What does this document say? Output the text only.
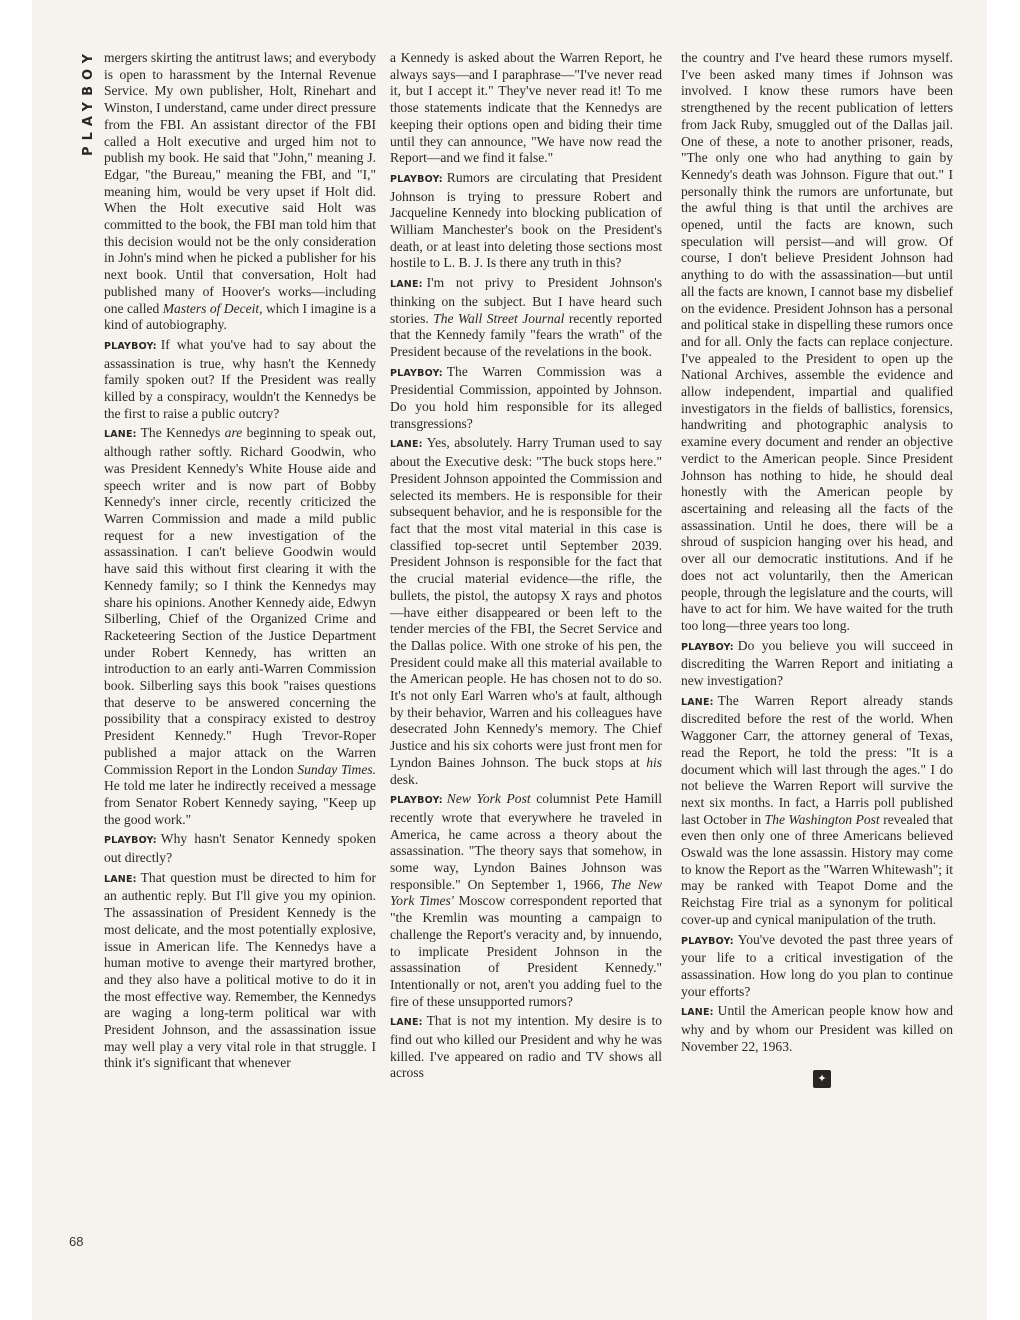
PLAYBOY
68

mergers skirting the antitrust laws; and everybody is open to harassment by the Internal Revenue Service. My own publisher, Holt, Rinehart and Winston, I understand, came under direct pressure from the FBI. An assistant director of the FBI called a Holt executive and urged him not to publish my book. He said that "John," meaning J. Edgar, "the Bureau," meaning the FBI, and "I," meaning him, would be very upset if Holt did. When the Holt executive said Holt was committed to the book, the FBI man told him that this decision would not be the only consideration in John's mind when he picked a publisher for his next book. Until that conversation, Holt had published many of Hoover's works—including one called Masters of Deceit, which I imagine is a kind of autobiography.

PLAYBOY: If what you've had to say about the assassination is true, why hasn't the Kennedy family spoken out? If the President was really killed by a conspiracy, wouldn't the Kennedys be the first to raise a public outcry?

LANE: The Kennedys are beginning to speak out, although rather softly. Richard Goodwin, who was President Kennedy's White House aide and speech writer and is now part of Bobby Kennedy's inner circle, recently criticized the Warren Commission and made a mild public request for a new investigation of the assassination. I can't believe Goodwin would have said this without first clearing it with the Kennedy family; so I think the Kennedys may share his opinions. Another Kennedy aide, Edwyn Silberling, Chief of the Organized Crime and Racketeering Section of the Justice Department under Robert Kennedy, has written an introduction to an early anti-Warren Commission book. Silberling says this book "raises questions that deserve to be answered concerning the possibility that a conspiracy existed to destroy President Kennedy." Hugh Trevor-Roper published a major attack on the Warren Commission Report in the London Sunday Times. He told me later he indirectly received a message from Senator Robert Kennedy saying, "Keep up the good work."

PLAYBOY: Why hasn't Senator Kennedy spoken out directly?

LANE: That question must be directed to him for an authentic reply. But I'll give you my opinion. The assassination of President Kennedy is the most delicate, and the most potentially explosive, issue in American life. The Kennedys have a human motive to avenge their martyred brother, and they also have a political motive to do it in the most effective way. Remember, the Kennedys are waging a long-term political war with President Johnson, and the assassination issue may well play a very vital role in that struggle. I think it's significant that whenever

a Kennedy is asked about the Warren Report, he always says—and I paraphrase—"I've never read it, but I accept it." They've never read it! To me those statements indicate that the Kennedys are keeping their options open and biding their time until they can announce, "We have now read the Report—and we find it false."

PLAYBOY: Rumors are circulating that President Johnson is trying to pressure Robert and Jacqueline Kennedy into blocking publication of William Manchester's book on the President's death, or at least into deleting those sections most hostile to L. B. J. Is there any truth in this?

LANE: I'm not privy to President Johnson's thinking on the subject. But I have heard such stories. The Wall Street Journal recently reported that the Kennedy family "fears the wrath" of the President because of the revelations in the book.

PLAYBOY: The Warren Commission was a Presidential Commission, appointed by Johnson. Do you hold him responsible for its alleged transgressions?

LANE: Yes, absolutely. Harry Truman used to say about the Executive desk: "The buck stops here." President Johnson appointed the Commission and selected its members. He is responsible for their subsequent behavior, and he is responsible for the fact that the most vital material in this case is classified top-secret until September 2039. President Johnson is responsible for the fact that the crucial material evidence—the rifle, the bullets, the pistol, the autopsy X rays and photos—have either disappeared or been left to the tender mercies of the FBI, the Secret Service and the Dallas police. With one stroke of his pen, the President could make all this material available to the American people. He has chosen not to do so. It's not only Earl Warren who's at fault, although by their behavior, Warren and his colleagues have desecrated John Kennedy's memory. The Chief Justice and his six cohorts were just front men for Lyndon Baines Johnson. The buck stops at his desk.

PLAYBOY: New York Post columnist Pete Hamill recently wrote that everywhere he traveled in America, he came across a theory about the assassination. "The theory says that somehow, in some way, Lyndon Baines Johnson was responsible." On September 1, 1966, The New York Times' Moscow correspondent reported that "the Kremlin was mounting a campaign to challenge the Report's veracity and, by innuendo, to implicate President Johnson in the assassination of President Kennedy." Intentionally or not, aren't you adding fuel to the fire of these unsupported rumors?

LANE: That is not my intention. My desire is to find out who killed our President and why he was killed. I've appeared on radio and TV shows all across

the country and I've heard these rumors myself. I've been asked many times if Johnson was involved. I know these rumors have been strengthened by the recent publication of letters from Jack Ruby, smuggled out of the Dallas jail. One of these, a note to another prisoner, reads, "The only one who had anything to gain by Kennedy's death was Johnson. Figure that out." I personally think the rumors are unfortunate, but the awful thing is that until the archives are opened, until the facts are known, such speculation will persist—and will grow. Of course, I don't believe President Johnson had anything to do with the assassination—but until all the facts are known, I cannot base my disbelief on the evidence. President Johnson has a personal and political stake in dispelling these rumors once and for all. Only the facts can replace conjecture. I've appealed to the President to open up the National Archives, assemble the evidence and allow independent, impartial and qualified investigators in the fields of ballistics, forensics, handwriting and photographic analysis to examine every document and render an objective verdict to the American people. Since President Johnson has nothing to hide, he should deal honestly with the American people by ascertaining and releasing all the facts of the assassination. Until he does, there will be a shroud of suspicion hanging over his head, and over all our democratic institutions. And if he does not act voluntarily, then the American people, through the legislature and the courts, will have to act for him. We have waited for the truth too long—three years too long.

PLAYBOY: Do you believe you will succeed in discrediting the Warren Report and initiating a new investigation?

LANE: The Warren Report already stands discredited before the rest of the world. When Waggoner Carr, the attorney general of Texas, read the Report, he told the press: "It is a document which will last through the ages." I do not believe the Warren Report will survive the next six months. In fact, a Harris poll published last October in The Washington Post revealed that even then only one of three Americans believed Oswald was the lone assassin. History may come to know the Report as the "Warren Whitewash"; it may be ranked with Teapot Dome and the Reichstag Fire trial as a synonym for political cover-up and cynical manipulation of the truth.

PLAYBOY: You've devoted the past three years of your life to a critical investigation of the assassination. How long do you plan to continue your efforts?

LANE: Until the American people know how and why and by whom our President was killed on November 22, 1963.

✦
